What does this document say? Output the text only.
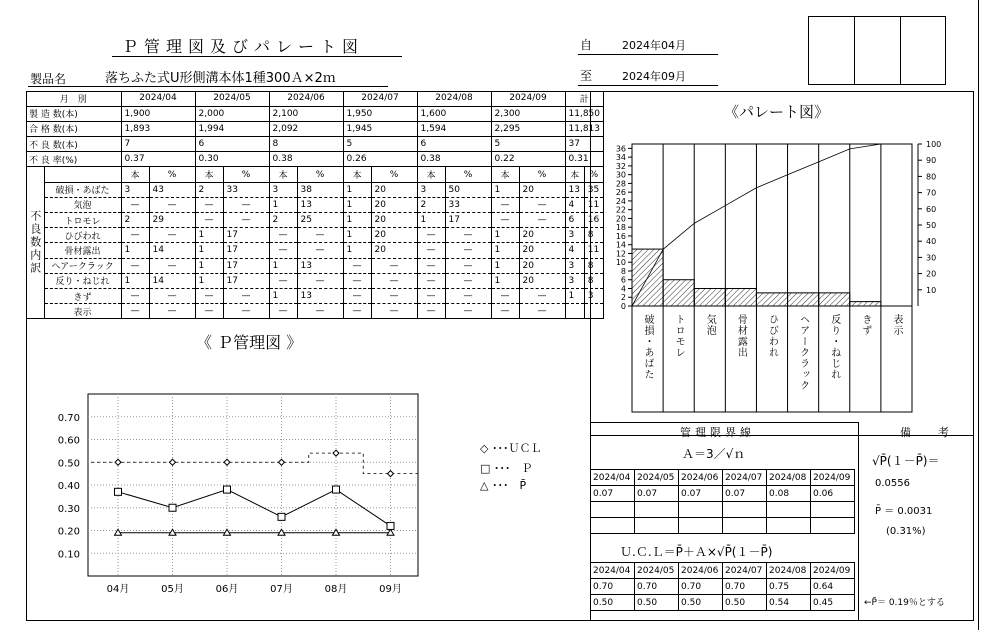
Ｐ管理図及びパレート図
製品名	落ちふた式U形側溝本体1種300Ａ×2ｍ
自	2024年04月
至	2024年09月
月　別		2024/04		2024/05		2024/06		2024/07		2024/08		2024/09		計	
製 造 数(本)		1,900		2,000		2,100		1,950		1,600		2,300		11,850	
合 格 数(本)		1,893		1,994		2,092		1,945		1,594		2,295		11,813	
不 良 数(本)		7		6		8		5		6		5		37	
不 良 率(%)		0.37		0.30		0.38		0.26		0.38		0.22		0.31	
不良数内訳		本	%	本	%	本	%	本	%	本	%	本	%	本	%
	破損・あばた	3	43	2	33	3	38	1	20	3	50	1	20	13	35
	気泡	—	—	—	—	1	13	1	20	2	33	—	—	4	11
	トロモレ	2	29	—	—	2	25	1	20	1	17	—	—	6	16
	ひびわれ	—	—	1	17	—	—	1	20	—	—	1	20	3	8
	骨材露出	1	14	1	17	—	—	1	20	—	—	1	20	4	11
	ヘアークラック	—	—	1	17	1	13	—	—	—	—	1	20	3	8
	反り・ねじれ	1	14	1	17	—	—	—	—	—	—	1	20	3	8
	きず	—	—	—	—	1	13	—	—	—	—	—	—	1	3
	表示	—	—	—	—	—	—	—	—	—	—	—	—		
《 Ｐ管理図 》
0.70
0.60
0.50
0.40
0.30
0.20
0.10
04月	05月	06月	07月	08月	09月
◇ ･･･ＵＣＬ
□ ･･･　Ｐ
△ ･･･　P̄
《パレート図》
0
2
4
6
8
10
12
14
16
18
20
22
24
26
28
30
32
34
36
10
20
30
40
50
60
70
80
90
100
破損・あばた トロモレ 気泡 骨材露出 ひびわれ ヘアークラック 反り・ねじれ きず 表示
管理限界線	備　考
Ａ＝3／√ｎ
2024/04	2024/05	2024/06	2024/07	2024/08	2024/09
0.07	0.07	0.07	0.07	0.08	0.06

Ｕ.Ｃ.Ｌ＝P̄＋Ａ×√P̄(１－P̄)
2024/04	2024/05	2024/06	2024/07	2024/08	2024/09
0.70	0.70	0.70	0.70	0.75	0.64
0.50	0.50	0.50	0.50	0.54	0.45
√P̄(１－P̄)＝
0.0556
P̄ ＝ 0.0031
(0.31%)
←P̄＝ 0.19％とする
